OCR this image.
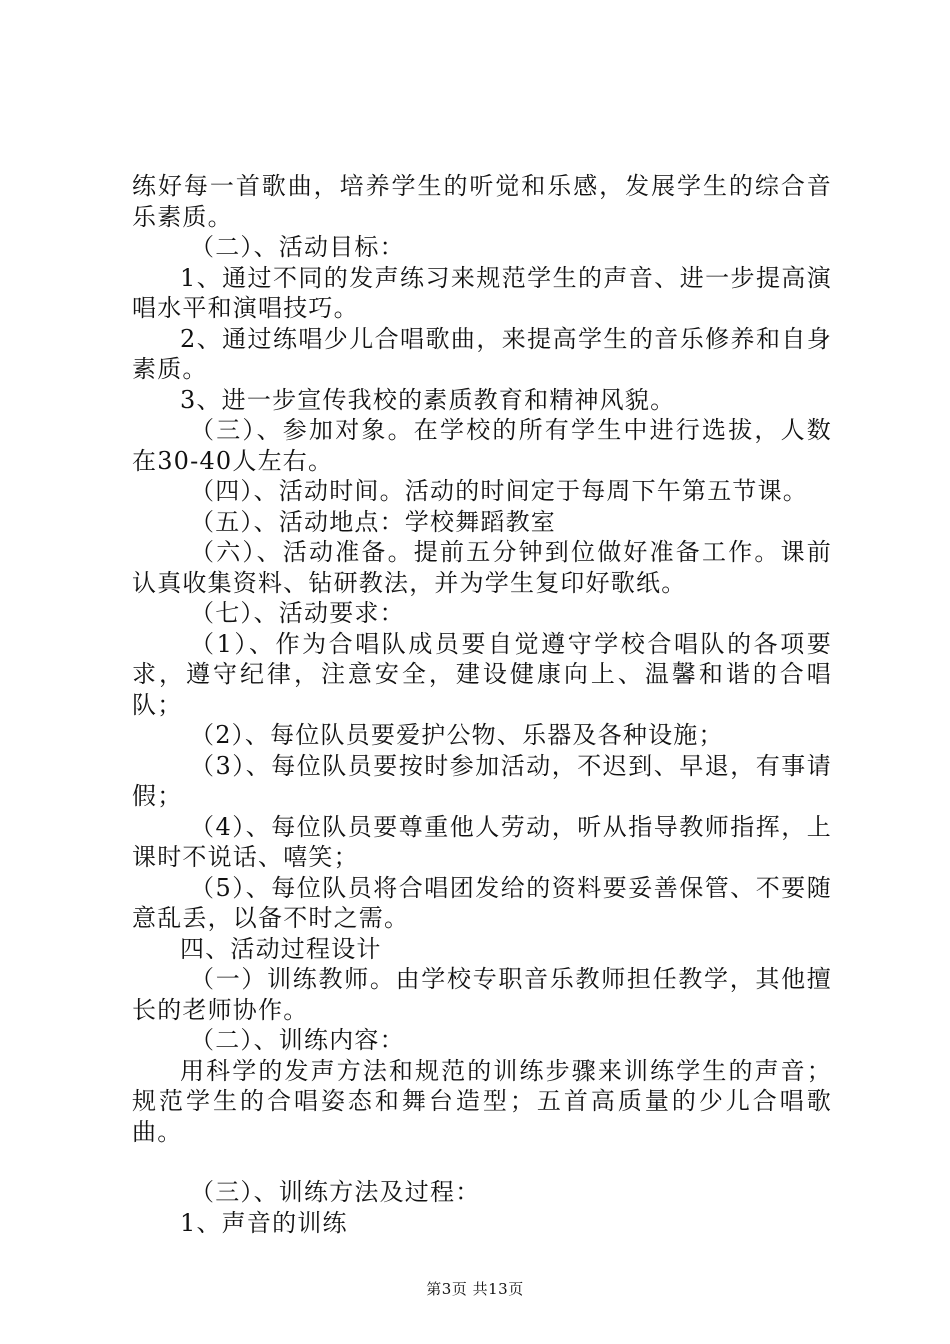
练好每一首歌曲，培养学生的听觉和乐感，发展学生的综合音乐素质。

（二）、活动目标：

1、通过不同的发声练习来规范学生的声音、进一步提高演唱水平和演唱技巧。

2、通过练唱少儿合唱歌曲，来提高学生的音乐修养和自身素质。

3、进一步宣传我校的素质教育和精神风貌。

（三）、参加对象。在学校的所有学生中进行选拔，人数在30-40人左右。

（四）、活动时间。活动的时间定于每周下午第五节课。

（五）、活动地点：学校舞蹈教室

（六）、活动准备。提前五分钟到位做好准备工作。课前认真收集资料、钻研教法，并为学生复印好歌纸。

（七）、活动要求：

（1）、作为合唱队成员要自觉遵守学校合唱队的各项要求，遵守纪律，注意安全，建设健康向上、温馨和谐的合唱队；

（2）、每位队员要爱护公物、乐器及各种设施；

（3）、每位队员要按时参加活动，不迟到、早退，有事请假；

（4）、每位队员要尊重他人劳动，听从指导教师指挥，上课时不说话、嘻笑；

（5）、每位队员将合唱团发给的资料要妥善保管、不要随意乱丢，以备不时之需。

四、活动过程设计

（一）训练教师。由学校专职音乐教师担任教学，其他擅长的老师协作。

（二）、训练内容：

用科学的发声方法和规范的训练步骤来训练学生的声音；规范学生的合唱姿态和舞台造型；五首高质量的少儿合唱歌曲。

（三）、训练方法及过程：

1、声音的训练

第3页 共13页
